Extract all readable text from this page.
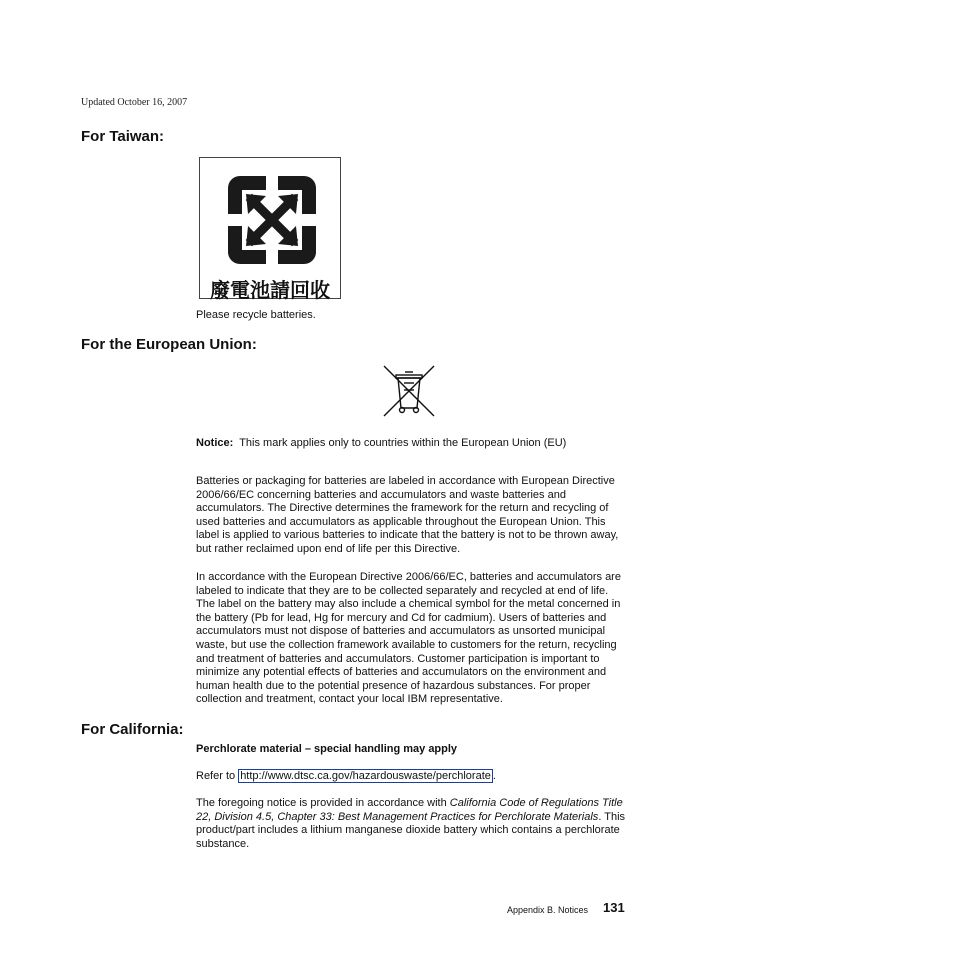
Updated October 16, 2007
For Taiwan:
廢電池請回收
Please recycle batteries.
For the European Union:
Notice: This mark applies only to countries within the European Union (EU)

Batteries or packaging for batteries are labeled in accordance with European Directive 2006/66/EC concerning batteries and accumulators and waste batteries and accumulators. The Directive determines the framework for the return and recycling of used batteries and accumulators as applicable throughout the European Union. This label is applied to various batteries to indicate that the battery is not to be thrown away, but rather reclaimed upon end of life per this Directive.

In accordance with the European Directive 2006/66/EC, batteries and accumulators are labeled to indicate that they are to be collected separately and recycled at end of life. The label on the battery may also include a chemical symbol for the metal concerned in the battery (Pb for lead, Hg for mercury and Cd for cadmium). Users of batteries and accumulators must not dispose of batteries and accumulators as unsorted municipal waste, but use the collection framework available to customers for the return, recycling and treatment of batteries and accumulators. Customer participation is important to minimize any potential effects of batteries and accumulators on the environment and human health due to the potential presence of hazardous substances. For proper collection and treatment, contact your local IBM representative.

For California:
Perchlorate material – special handling may apply
Refer to http://www.dtsc.ca.gov/hazardouswaste/perchlorate .
The foregoing notice is provided in accordance with California Code of Regulations Title 22, Division 4.5, Chapter 33: Best Management Practices for Perchlorate Materials. This product/part includes a lithium manganese dioxide battery which contains a perchlorate substance.
Appendix B. Notices 131
